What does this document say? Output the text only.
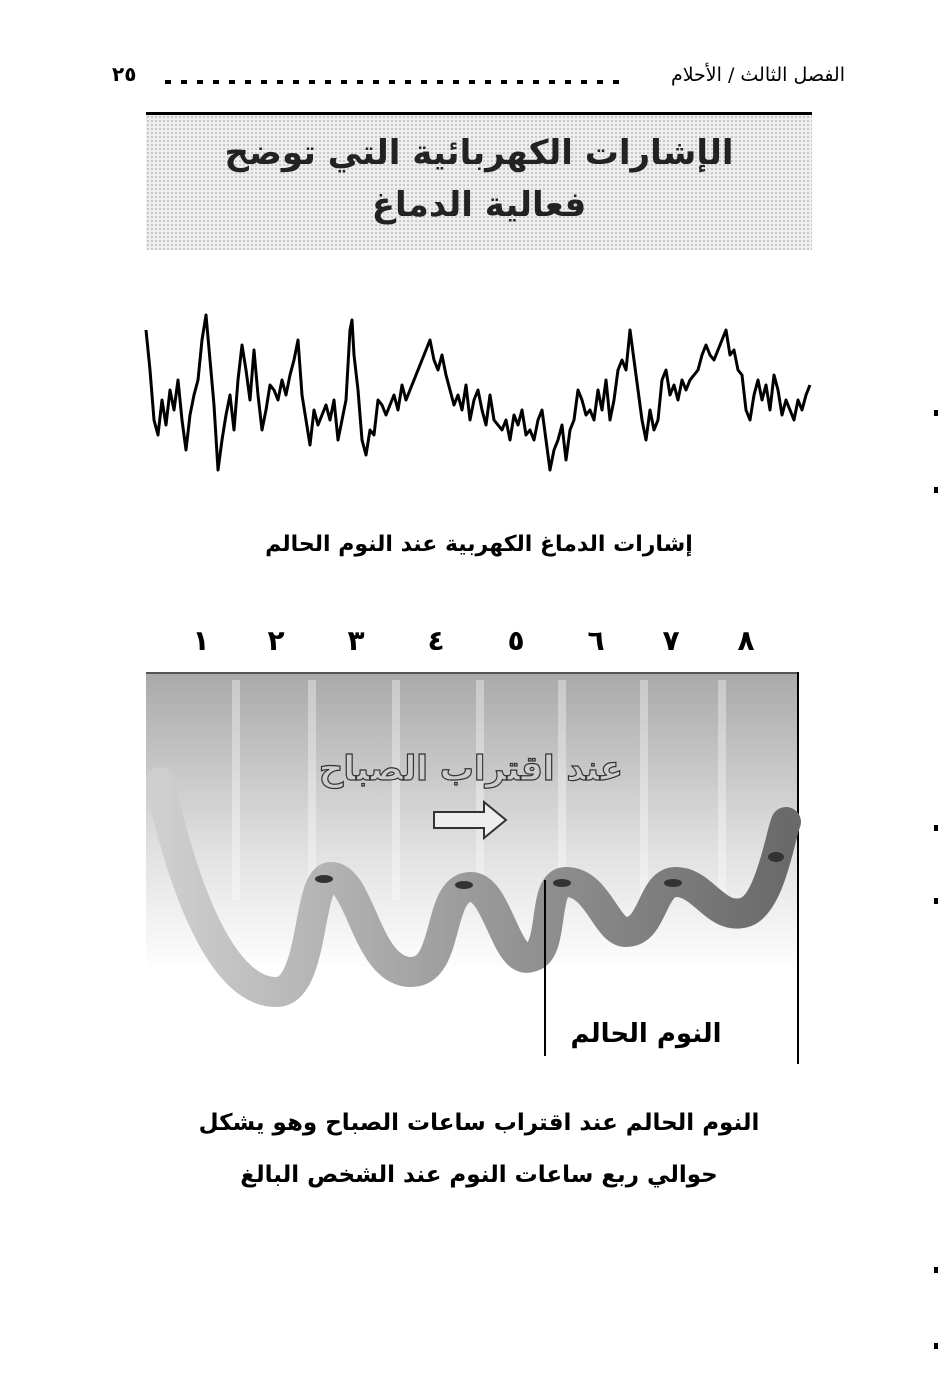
٢٥	الفصل الثالث / الأحلام
الإشارات الكهربائية التي توضح
فعالية الدماغ
إشارات الدماغ الكهربية عند النوم الحالم
١ ٢ ٣ ٤ ٥ ٦ ٧ ٨
عند اقتراب الصباح
النوم الحالم
النوم الحالم عند اقتراب ساعات الصباح وهو يشكل
حوالي ربع ساعات النوم عند الشخص البالغ
